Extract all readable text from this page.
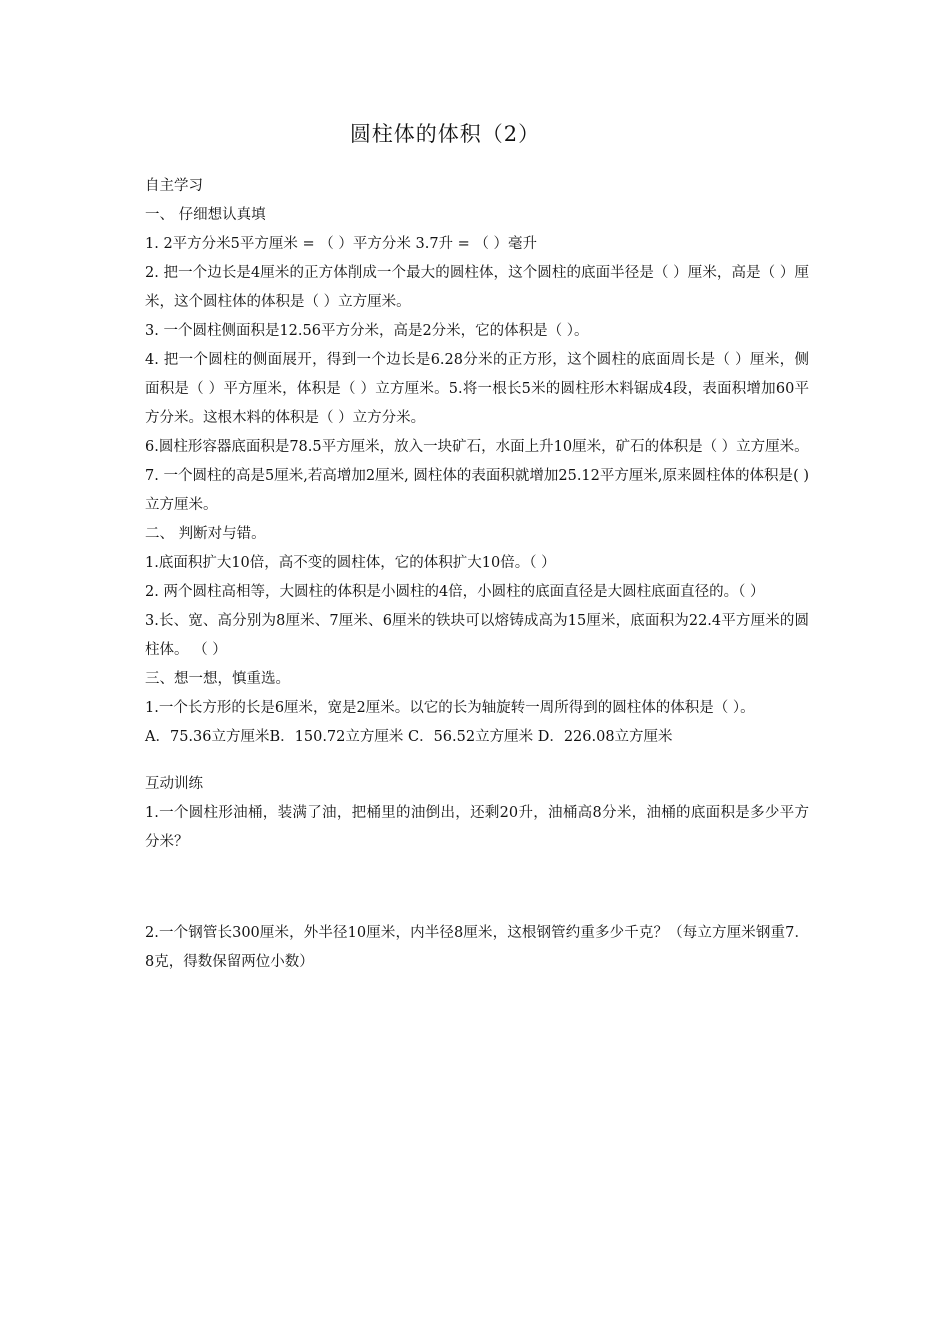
圆柱体的体积（2）

自主学习

一、 仔细想认真填

1. 2平方分米5平方厘米 = （ ）平方分米 3.7升 = （ ）毫升

2. 把一个边长是4厘米的正方体削成一个最大的圆柱体，这个圆柱的底面半径是（ ）厘米，高是（ ）厘米，这个圆柱体的体积是（ ）立方厘米。

3. 一个圆柱侧面积是12.56平方分米，高是2分米，它的体积是（ ）。

4. 把一个圆柱的侧面展开，得到一个边长是6.28分米的正方形，这个圆柱的底面周长是（ ）厘米，侧面积是（ ）平方厘米，体积是（ ）立方厘米。5.将一根长5米的圆柱形木料锯成4段，表面积增加60平方分米。这根木料的体积是（ ）立方分米。

6.圆柱形容器底面积是78.5平方厘米，放入一块矿石，水面上升10厘米，矿石的体积是（ ）立方厘米。

7. 一个圆柱的高是5厘米,若高增加2厘米, 圆柱体的表面积就增加25.12平方厘米,原来圆柱体的体积是( )立方厘米。

二、 判断对与错。

1.底面积扩大10倍，高不变的圆柱体，它的体积扩大10倍。（ ）

2. 两个圆柱高相等，大圆柱的体积是小圆柱的4倍，小圆柱的底面直径是大圆柱底面直径的。（ ）

3.长、宽、高分别为8厘米、7厘米、6厘米的铁块可以熔铸成高为15厘米，底面积为22.4平方厘米的圆柱体。 （ ）

三、想一想，慎重选。

1.一个长方形的长是6厘米，宽是2厘米。以它的长为轴旋转一周所得到的圆柱体的体积是（ ）。

A．75.36立方厘米B．150.72立方厘米 C．56.52立方厘米 D．226.08立方厘米

互动训练

1.一个圆柱形油桶，装满了油，把桶里的油倒出，还剩20升，油桶高8分米，油桶的底面积是多少平方分米？

2.一个钢管长300厘米，外半径10厘米，内半径8厘米，这根钢管约重多少千克？（每立方厘米钢重7．8克，得数保留两位小数）
